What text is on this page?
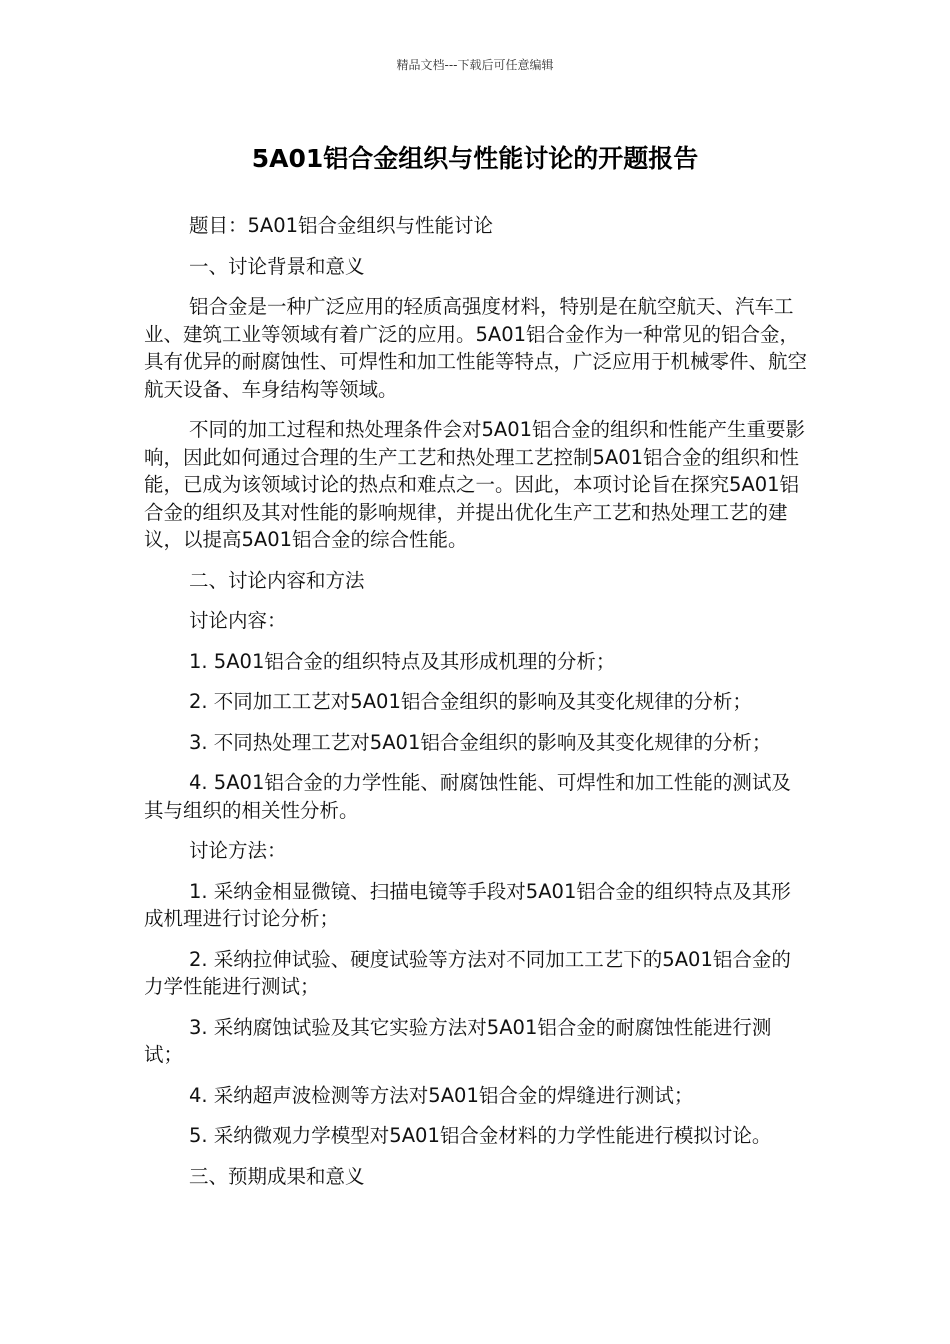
精品文档---下载后可任意编辑
5A01铝合金组织与性能讨论的开题报告

题目：5A01铝合金组织与性能讨论

一、讨论背景和意义

铝合金是一种广泛应用的轻质高强度材料，特别是在航空航天、汽车工业、建筑工业等领域有着广泛的应用。5A01铝合金作为一种常见的铝合金，具有优异的耐腐蚀性、可焊性和加工性能等特点，广泛应用于机械零件、航空航天设备、车身结构等领域。

不同的加工过程和热处理条件会对5A01铝合金的组织和性能产生重要影响，因此如何通过合理的生产工艺和热处理工艺控制5A01铝合金的组织和性能，已成为该领域讨论的热点和难点之一。因此，本项讨论旨在探究5A01铝合金的组织及其对性能的影响规律，并提出优化生产工艺和热处理工艺的建议，以提高5A01铝合金的综合性能。

二、讨论内容和方法

讨论内容：

1. 5A01铝合金的组织特点及其形成机理的分析；

2. 不同加工工艺对5A01铝合金组织的影响及其变化规律的分析；

3. 不同热处理工艺对5A01铝合金组织的影响及其变化规律的分析；

4. 5A01铝合金的力学性能、耐腐蚀性能、可焊性和加工性能的测试及其与组织的相关性分析。

讨论方法：

1. 采纳金相显微镜、扫描电镜等手段对5A01铝合金的组织特点及其形成机理进行讨论分析；

2. 采纳拉伸试验、硬度试验等方法对不同加工工艺下的5A01铝合金的力学性能进行测试；

3. 采纳腐蚀试验及其它实验方法对5A01铝合金的耐腐蚀性能进行测试；

4. 采纳超声波检测等方法对5A01铝合金的焊缝进行测试；

5. 采纳微观力学模型对5A01铝合金材料的力学性能进行模拟讨论。

三、预期成果和意义
